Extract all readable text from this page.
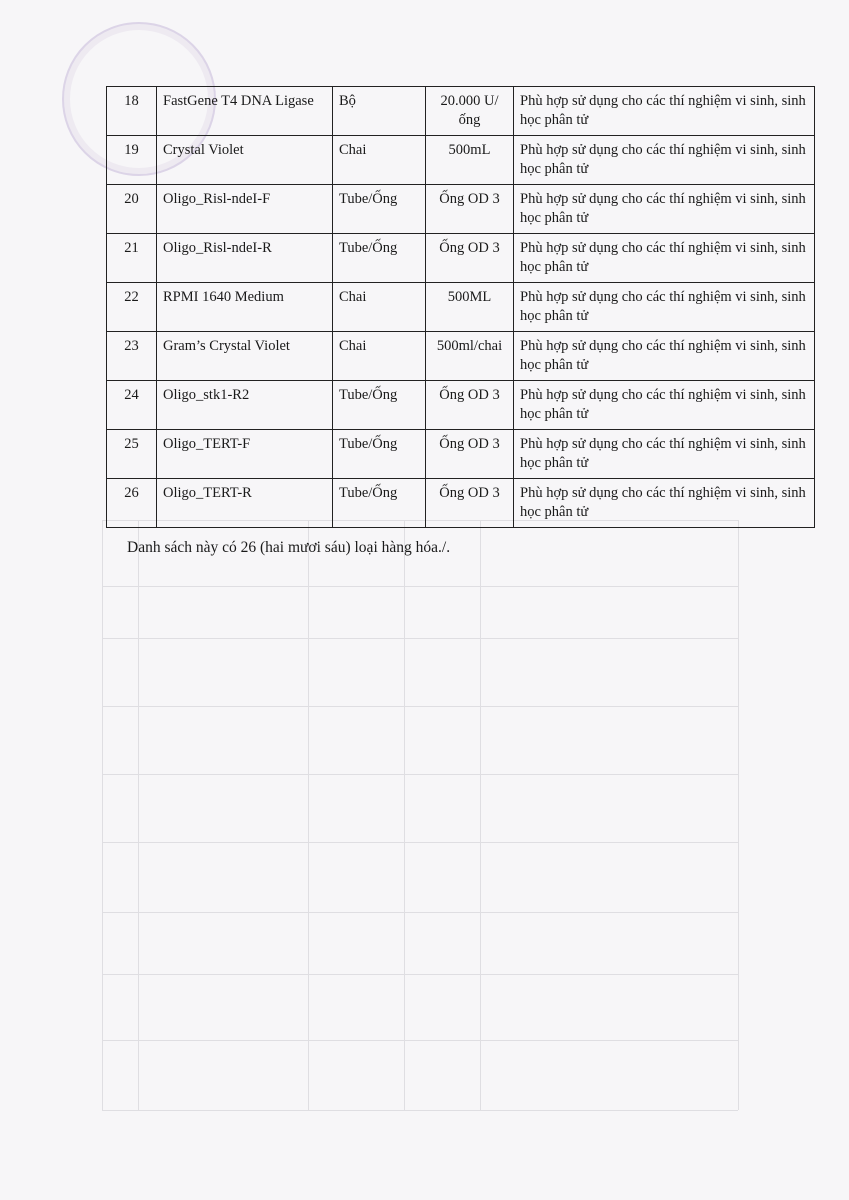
18	FastGene T4 DNA Ligase	Bộ	20.000 U/ống	Phù hợp sử dụng cho các thí nghiệm vi sinh, sinh học phân tử
19	Crystal Violet	Chai	500mL	Phù hợp sử dụng cho các thí nghiệm vi sinh, sinh học phân tử
20	Oligo_Risl-ndeI-F	Tube/Ống	Ống OD 3	Phù hợp sử dụng cho các thí nghiệm vi sinh, sinh học phân tử
21	Oligo_Risl-ndeI-R	Tube/Ống	Ống OD 3	Phù hợp sử dụng cho các thí nghiệm vi sinh, sinh học phân tử
22	RPMI 1640 Medium	Chai	500ML	Phù hợp sử dụng cho các thí nghiệm vi sinh, sinh học phân tử
23	Gram’s Crystal Violet	Chai	500ml/chai	Phù hợp sử dụng cho các thí nghiệm vi sinh, sinh học phân tử
24	Oligo_stk1-R2	Tube/Ống	Ống OD 3	Phù hợp sử dụng cho các thí nghiệm vi sinh, sinh học phân tử
25	Oligo_TERT-F	Tube/Ống	Ống OD 3	Phù hợp sử dụng cho các thí nghiệm vi sinh, sinh học phân tử
26	Oligo_TERT-R	Tube/Ống	Ống OD 3	Phù hợp sử dụng cho các thí nghiệm vi sinh, sinh học phân tử
Danh sách này có 26 (hai mươi sáu) loại hàng hóa./.
